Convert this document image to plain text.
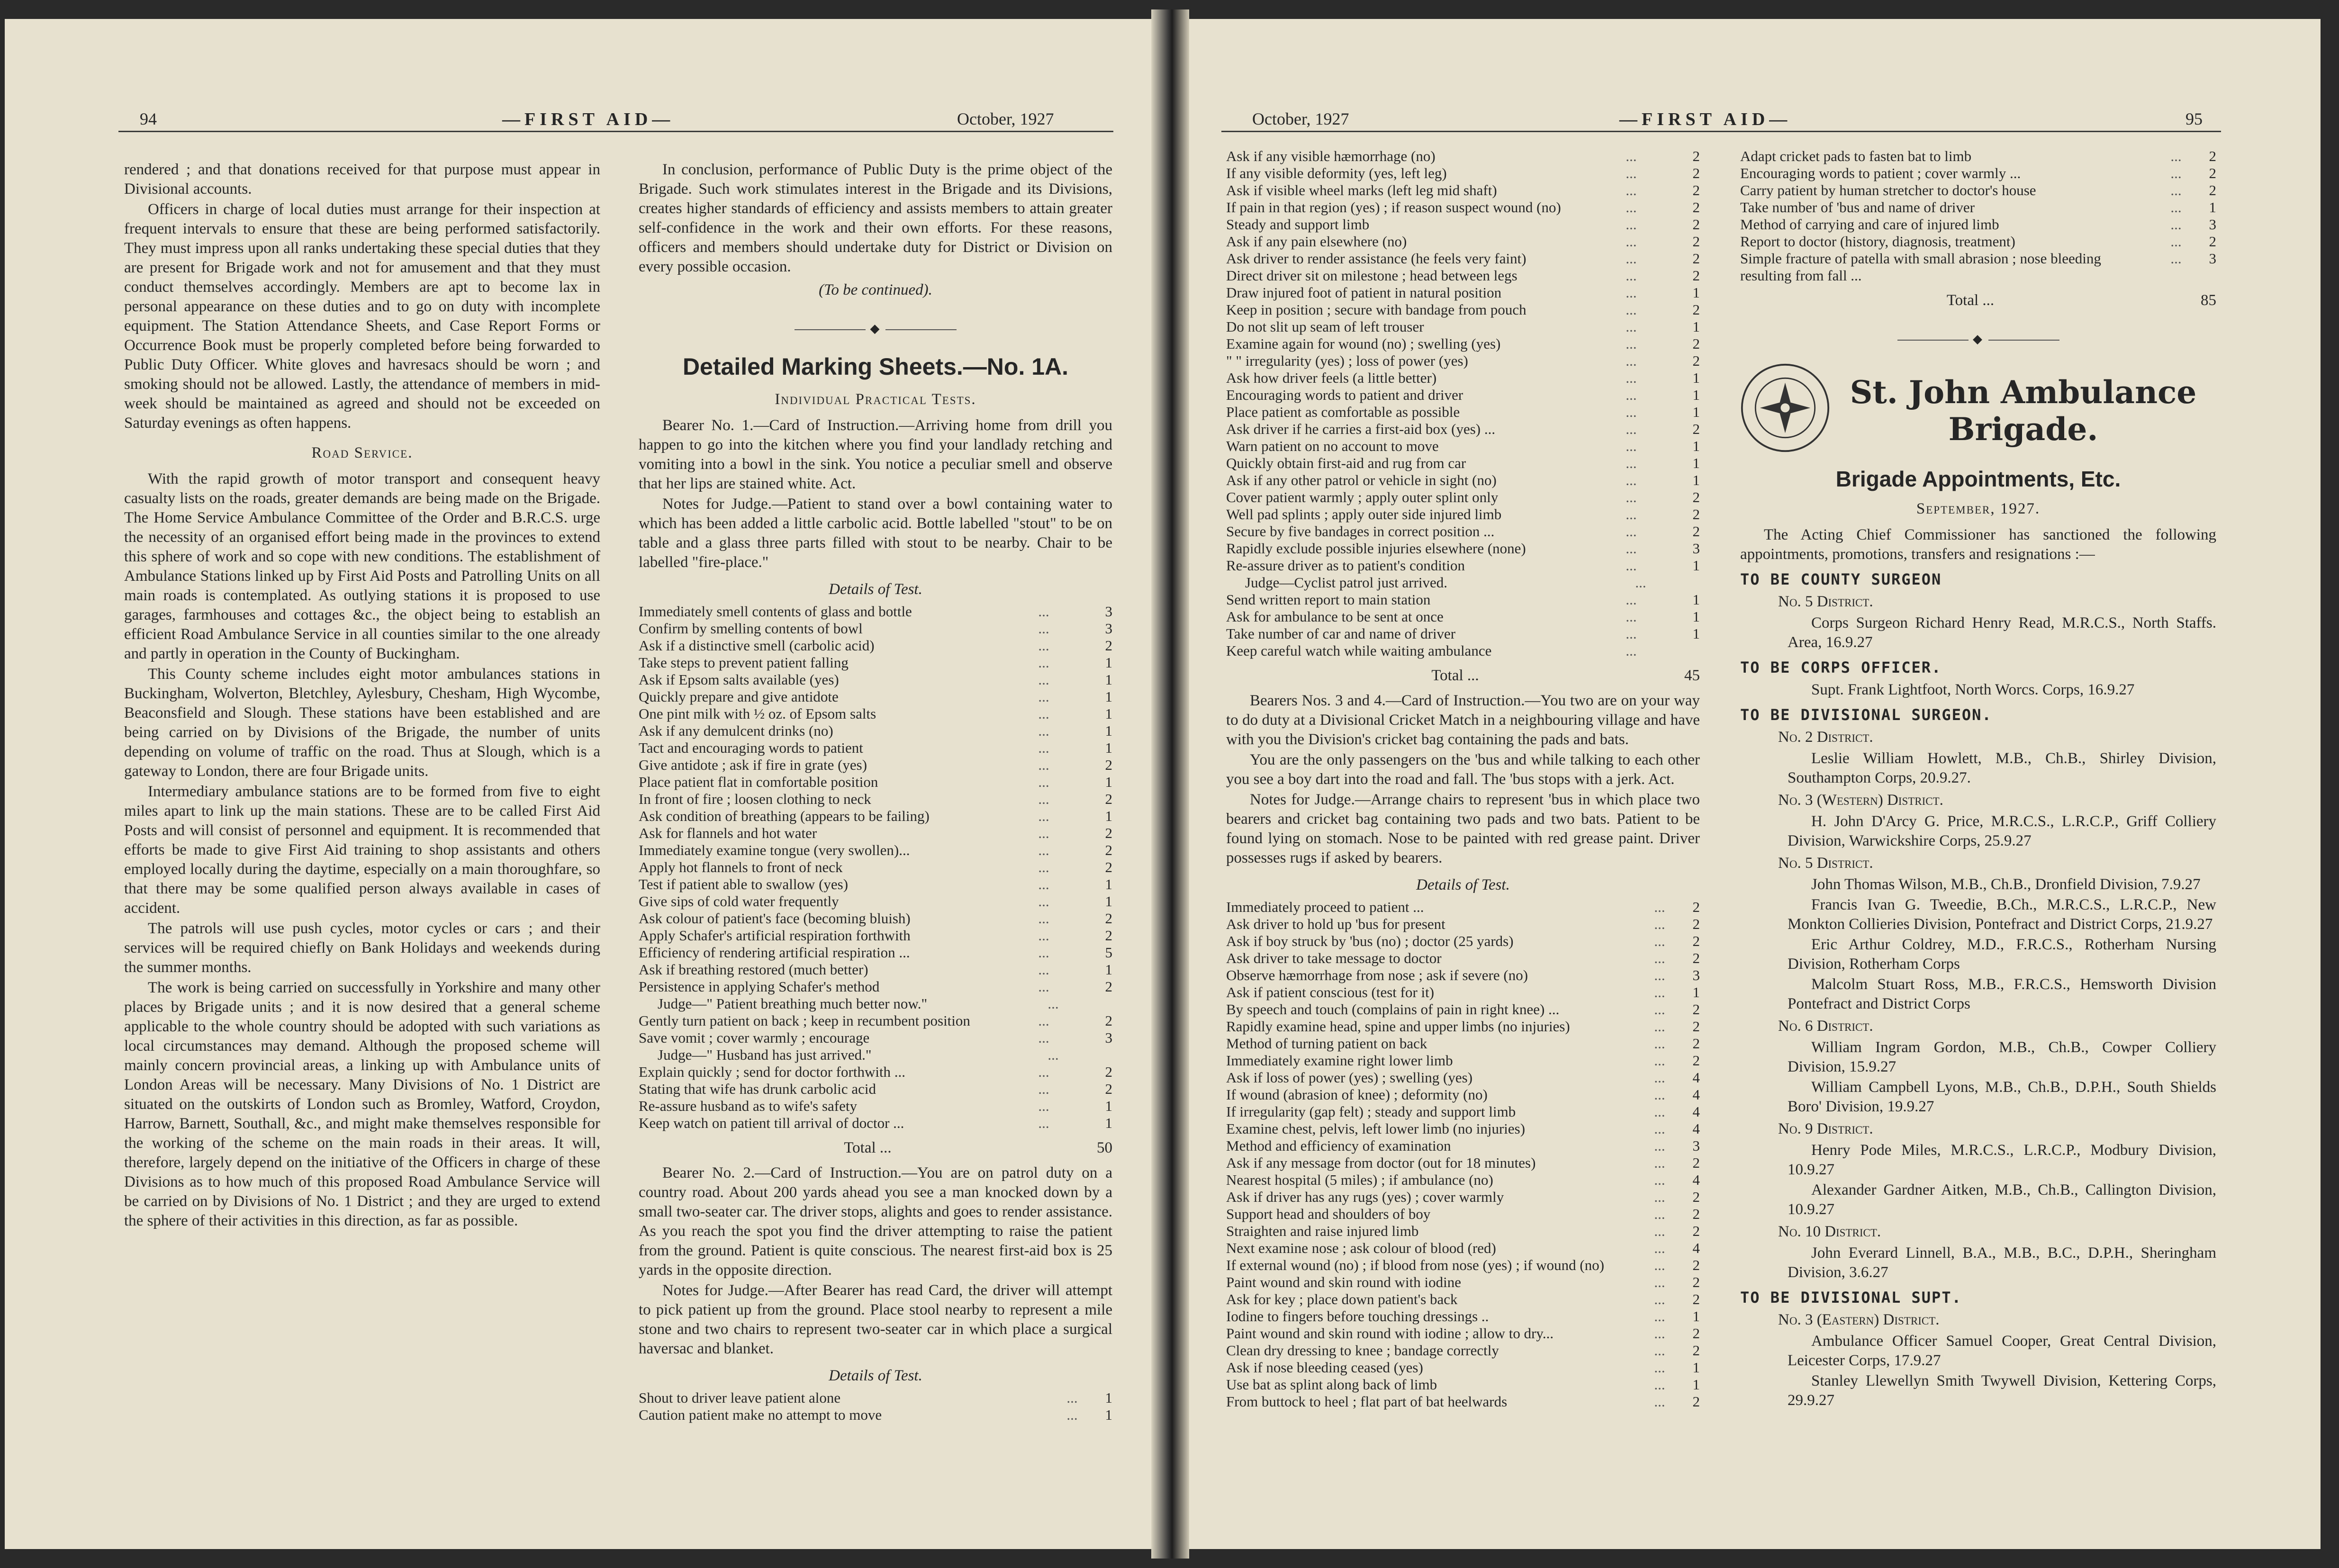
94	—FIRST AID—	October, 1927

rendered ; and that donations received for that purpose must appear in Divisional accounts.

Officers in charge of local duties must arrange for their inspection at frequent intervals to ensure that these are being performed satisfactorily. They must impress upon all ranks undertaking these special duties that they are present for Brigade work and not for amusement and that they must conduct themselves accordingly. Members are apt to become lax in personal appearance on these duties and to go on duty with incomplete equipment. The Station Attendance Sheets, and Case Report Forms or Occurrence Book must be properly completed before being forwarded to Public Duty Officer. White gloves and havresacs should be worn ; and smoking should not be allowed. Lastly, the attendance of members in mid-week should be maintained as agreed and should not be exceeded on Saturday evenings as often happens.

Road Service.

With the rapid growth of motor transport and consequent heavy casualty lists on the roads, greater demands are being made on the Brigade. The Home Service Ambulance Committee of the Order and B.R.C.S. urge the necessity of an organised effort being made in the provinces to extend this sphere of work and so cope with new conditions. The establishment of Ambulance Stations linked up by First Aid Posts and Patrolling Units on all main roads is contemplated. As outlying stations it is proposed to use garages, farmhouses and cottages &c., the object being to establish an efficient Road Ambulance Service in all counties similar to the one already and partly in operation in the County of Buckingham.

This County scheme includes eight motor ambulances stations in Buckingham, Wolverton, Bletchley, Aylesbury, Chesham, High Wycombe, Beaconsfield and Slough. These stations have been established and are being carried on by Divisions of the Brigade, the number of units depending on volume of traffic on the road. Thus at Slough, which is a gateway to London, there are four Brigade units.

Intermediary ambulance stations are to be formed from five to eight miles apart to link up the main stations. These are to be called First Aid Posts and will consist of personnel and equipment. It is recommended that efforts be made to give First Aid training to shop assistants and others employed locally during the daytime, especially on a main thoroughfare, so that there may be some qualified person always available in cases of accident.

The patrols will use push cycles, motor cycles or cars ; and their services will be required chiefly on Bank Holidays and weekends during the summer months.

The work is being carried on successfully in Yorkshire and many other places by Brigade units ; and it is now desired that a general scheme applicable to the whole country should be adopted with such variations as local circumstances may demand. Although the proposed scheme will mainly concern provincial areas, a linking up with Ambulance units of London Areas will be necessary. Many Divisions of No. 1 District are situated on the outskirts of London such as Bromley, Watford, Croydon, Harrow, Barnett, Southall, &c., and might make themselves responsible for the working of the scheme on the main roads in their areas. It will, therefore, largely depend on the initiative of the Officers in charge of these Divisions as to how much of this proposed Road Ambulance Service will be carried on by Divisions of No. 1 District ; and they are urged to extend the sphere of their activities in this direction, as far as possible.

In conclusion, performance of Public Duty is the prime object of the Brigade. Such work stimulates interest in the Brigade and its Divisions, creates higher standards of efficiency and assists members to attain greater self-confidence in the work and their own efforts. For these reasons, officers and members should undertake duty for District or Division on every possible occasion.

(To be continued).
◆
Detailed Marking Sheets.—No. 1A.
Individual Practical Tests.

Bearer No. 1.—Card of Instruction.—Arriving home from drill you happen to go into the kitchen where you find your landlady retching and vomiting into a bowl in the sink. You notice a peculiar smell and observe that her lips are stained white. Act.

Notes for Judge.—Patient to stand over a bowl containing water to which has been added a little carbolic acid. Bottle labelled "stout" to be on table and a glass three parts filled with stout to be nearby. Chair to be labelled "fire-place."

Details of Test.
Immediately smell contents of glass and bottle	...	3
Confirm by smelling contents of bowl	...	3
Ask if a distinctive smell (carbolic acid)	...	2
Take steps to prevent patient falling	...	1
Ask if Epsom salts available (yes)	...	1
Quickly prepare and give antidote	...	1
One pint milk with ½ oz. of Epsom salts	...	1
Ask if any demulcent drinks (no)	...	1
Tact and encouraging words to patient	...	1
Give antidote ; ask if fire in grate (yes)	...	2
Place patient flat in comfortable position	...	1
In front of fire ; loosen clothing to neck	...	2
Ask condition of breathing (appears to be failing)	...	1
Ask for flannels and hot water	...	2
Immediately examine tongue (very swollen)...	...	2
Apply hot flannels to front of neck	...	2
Test if patient able to swallow (yes)	...	1
Give sips of cold water frequently	...	1
Ask colour of patient's face (becoming bluish)	...	2
Apply Schafer's artificial respiration forthwith	...	2
Efficiency of rendering artificial respiration ...	...	5
Ask if breathing restored (much better)	...	1
Persistence in applying Schafer's method	...	2
Judge—" Patient breathing much better now."	...	
Gently turn patient on back ; keep in recumbent position	...	2
Save vomit ; cover warmly ; encourage	...	3
Judge—" Husband has just arrived."	...	
Explain quickly ; send for doctor forthwith ...	...	2
Stating that wife has drunk carbolic acid	...	2
Re-assure husband as to wife's safety	...	1
Keep watch on patient till arrival of doctor ...	...	1
Total ...	50

Bearer No. 2.—Card of Instruction.—You are on patrol duty on a country road. About 200 yards ahead you see a man knocked down by a small two-seater car. The driver stops, alights and goes to render assistance. As you reach the spot you find the driver attempting to raise the patient from the ground. Patient is quite conscious. The nearest first-aid box is 25 yards in the opposite direction.

Notes for Judge.—After Bearer has read Card, the driver will attempt to pick patient up from the ground. Place stool nearby to represent a mile stone and two chairs to represent two-seater car in which place a surgical haversac and blanket.

Details of Test.
Shout to driver leave patient alone	...	1
Caution patient make no attempt to move	...	1
October, 1927	—FIRST AID—	95
Ask if any visible hæmorrhage (no)	...	2
If any visible deformity (yes, left leg)	...	2
Ask if visible wheel marks (left leg mid shaft)	...	2
If pain in that region (yes) ; if reason suspect wound (no)	...	2
Steady and support limb	...	2
Ask if any pain elsewhere (no)	...	2
Ask driver to render assistance (he feels very faint)	...	2
Direct driver sit on milestone ; head between legs	...	2
Draw injured foot of patient in natural position	...	1
Keep in position ; secure with bandage from pouch	...	2
Do not slit up seam of left trouser	...	1
Examine again for wound (no) ; swelling (yes)	...	2
" " irregularity (yes) ; loss of power (yes)	...	2
Ask how driver feels (a little better)	...	1
Encouraging words to patient and driver	...	1
Place patient as comfortable as possible	...	1
Ask driver if he carries a first-aid box (yes) ...	...	2
Warn patient on no account to move	...	1
Quickly obtain first-aid and rug from car	...	1
Ask if any other patrol or vehicle in sight (no)	...	1
Cover patient warmly ; apply outer splint only	...	2
Well pad splints ; apply outer side injured limb	...	2
Secure by five bandages in correct position ...	...	2
Rapidly exclude possible injuries elsewhere (none)	...	3
Re-assure driver as to patient's condition	...	1
Judge—Cyclist patrol just arrived.	...	
Send written report to main station	...	1
Ask for ambulance to be sent at once	...	1
Take number of car and name of driver	...	1
Keep careful watch while waiting ambulance	...	
Total ...	45

Bearers Nos. 3 and 4.—Card of Instruction.—You two are on your way to do duty at a Divisional Cricket Match in a neighbouring village and have with you the Division's cricket bag containing the pads and bats.

You are the only passengers on the 'bus and while talking to each other you see a boy dart into the road and fall. The 'bus stops with a jerk. Act.

Notes for Judge.—Arrange chairs to represent 'bus in which place two bearers and cricket bag containing two pads and two bats. Patient to be found lying on stomach. Nose to be painted with red grease paint. Driver possesses rugs if asked by bearers.

Details of Test.
Immediately proceed to patient ...	...	2
Ask driver to hold up 'bus for present	...	2
Ask if boy struck by 'bus (no) ; doctor (25 yards)	...	2
Ask driver to take message to doctor	...	2
Observe hæmorrhage from nose ; ask if severe (no)	...	3
Ask if patient conscious (test for it)	...	1
By speech and touch (complains of pain in right knee) ...	...	2
Rapidly examine head, spine and upper limbs (no injuries)	...	2
Method of turning patient on back	...	2
Immediately examine right lower limb	...	2
Ask if loss of power (yes) ; swelling (yes)	...	4
If wound (abrasion of knee) ; deformity (no)	...	4
If irregularity (gap felt) ; steady and support limb	...	4
Examine chest, pelvis, left lower limb (no injuries)	...	4
Method and efficiency of examination	...	3
Ask if any message from doctor (out for 18 minutes)	...	2
Nearest hospital (5 miles) ; if ambulance (no)	...	4
Ask if driver has any rugs (yes) ; cover warmly	...	2
Support head and shoulders of boy	...	2
Straighten and raise injured limb	...	2
Next examine nose ; ask colour of blood (red)	...	4
If external wound (no) ; if blood from nose (yes) ; if wound (no)	...	2
Paint wound and skin round with iodine	...	2
Ask for key ; place down patient's back	...	2
Iodine to fingers before touching dressings ..	...	1
Paint wound and skin round with iodine ; allow to dry...	...	2
Clean dry dressing to knee ; bandage correctly	...	2
Ask if nose bleeding ceased (yes)	...	1
Use bat as splint along back of limb	...	1
From buttock to heel ; flat part of bat heelwards	...	2
Adapt cricket pads to fasten bat to limb	...	2
Encouraging words to patient ; cover warmly ...	...	2
Carry patient by human stretcher to doctor's house	...	2
Take number of 'bus and name of driver	...	1
Method of carrying and care of injured limb	...	3
Report to doctor (history, diagnosis, treatment)	...	2
Simple fracture of patella with small abrasion ; nose bleeding resulting from fall ...	...	3
Total ...	85
◆
St. John Ambulance
Brigade.
Brigade Appointments, Etc.
September, 1927.

The Acting Chief Commissioner has sanctioned the following appointments, promotions, transfers and resignations :—

TO BE COUNTY SURGEON
No. 5 District.

Corps Surgeon Richard Henry Read, M.R.C.S., North Staffs. Area, 16.9.27

TO BE CORPS OFFICER.

Supt. Frank Lightfoot, North Worcs. Corps, 16.9.27

TO BE DIVISIONAL SURGEON.
No. 2 District.

Leslie William Howlett, M.B., Ch.B., Shirley Division, Southampton Corps, 20.9.27.

No. 3 (Western) District.

H. John D'Arcy G. Price, M.R.C.S., L.R.C.P., Griff Colliery Division, Warwickshire Corps, 25.9.27

No. 5 District.

John Thomas Wilson, M.B., Ch.B., Dronfield Division, 7.9.27

Francis Ivan G. Tweedie, B.Ch., M.R.C.S., L.R.C.P., New Monkton Collieries Division, Pontefract and District Corps, 21.9.27

Eric Arthur Coldrey, M.D., F.R.C.S., Rotherham Nursing Division, Rotherham Corps

Malcolm Stuart Ross, M.B., F.R.C.S., Hemsworth Division Pontefract and District Corps

No. 6 District.

William Ingram Gordon, M.B., Ch.B., Cowper Colliery Division, 15.9.27

William Campbell Lyons, M.B., Ch.B., D.P.H., South Shields Boro' Division, 19.9.27

No. 9 District.

Henry Pode Miles, M.R.C.S., L.R.C.P., Modbury Division, 10.9.27

Alexander Gardner Aitken, M.B., Ch.B., Callington Division, 10.9.27

No. 10 District.

John Everard Linnell, B.A., M.B., B.C., D.P.H., Sheringham Division, 3.6.27

TO BE DIVISIONAL SUPT.
No. 3 (Eastern) District.

Ambulance Officer Samuel Cooper, Great Central Division, Leicester Corps, 17.9.27

Stanley Llewellyn Smith Twywell Division, Kettering Corps, 29.9.27
